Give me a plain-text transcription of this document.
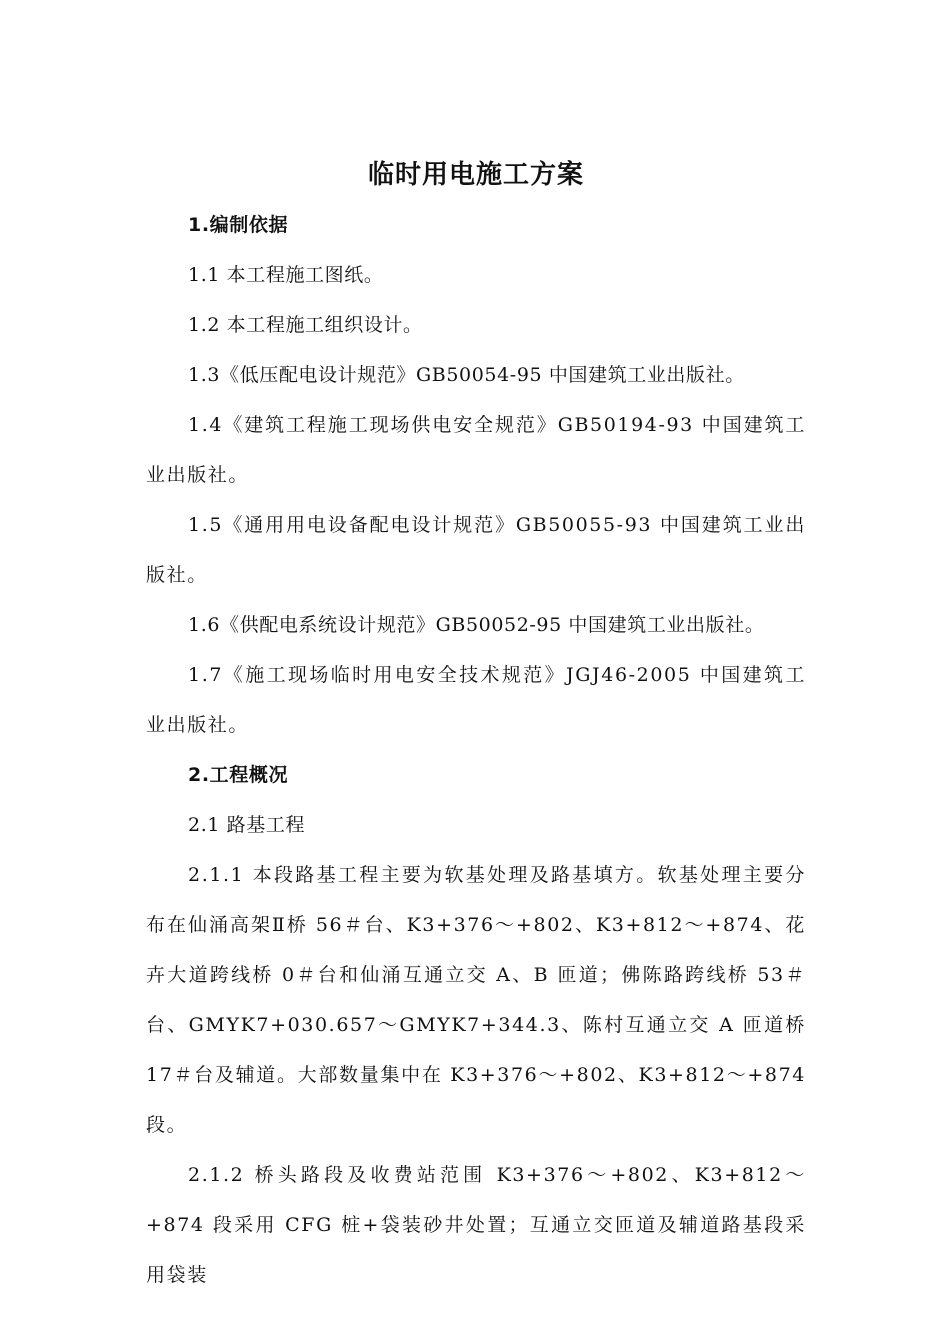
临时用电施工方案

1.编制依据

1.1 本工程施工图纸。

1.2 本工程施工组织设计。

1.3《低压配电设计规范》GB50054-95 中国建筑工业出版社。

1.4《建筑工程施工现场供电安全规范》GB50194-93 中国建筑工业出版社。

1.5《通用用电设备配电设计规范》GB50055-93 中国建筑工业出版社。

1.6《供配电系统设计规范》GB50052-95 中国建筑工业出版社。

1.7《施工现场临时用电安全技术规范》JGJ46-2005 中国建筑工业出版社。

2.工程概况

2.1 路基工程

2.1.1 本段路基工程主要为软基处理及路基填方。软基处理主要分布在仙涌高架Ⅱ桥 56＃台、K3+376～+802、K3+812～+874、花卉大道跨线桥 0＃台和仙涌互通立交 A、B 匝道；佛陈路跨线桥 53＃台、GMYK7+030.657～GMYK7+344.3、陈村互通立交 A 匝道桥 17＃台及辅道。大部数量集中在 K3+376～+802、K3+812～+874 段。

2.1.2 桥头路段及收费站范围 K3+376～+802、K3+812～+874 段采用 CFG 桩+袋装砂井处置；互通立交匝道及辅道路基段采用袋装
